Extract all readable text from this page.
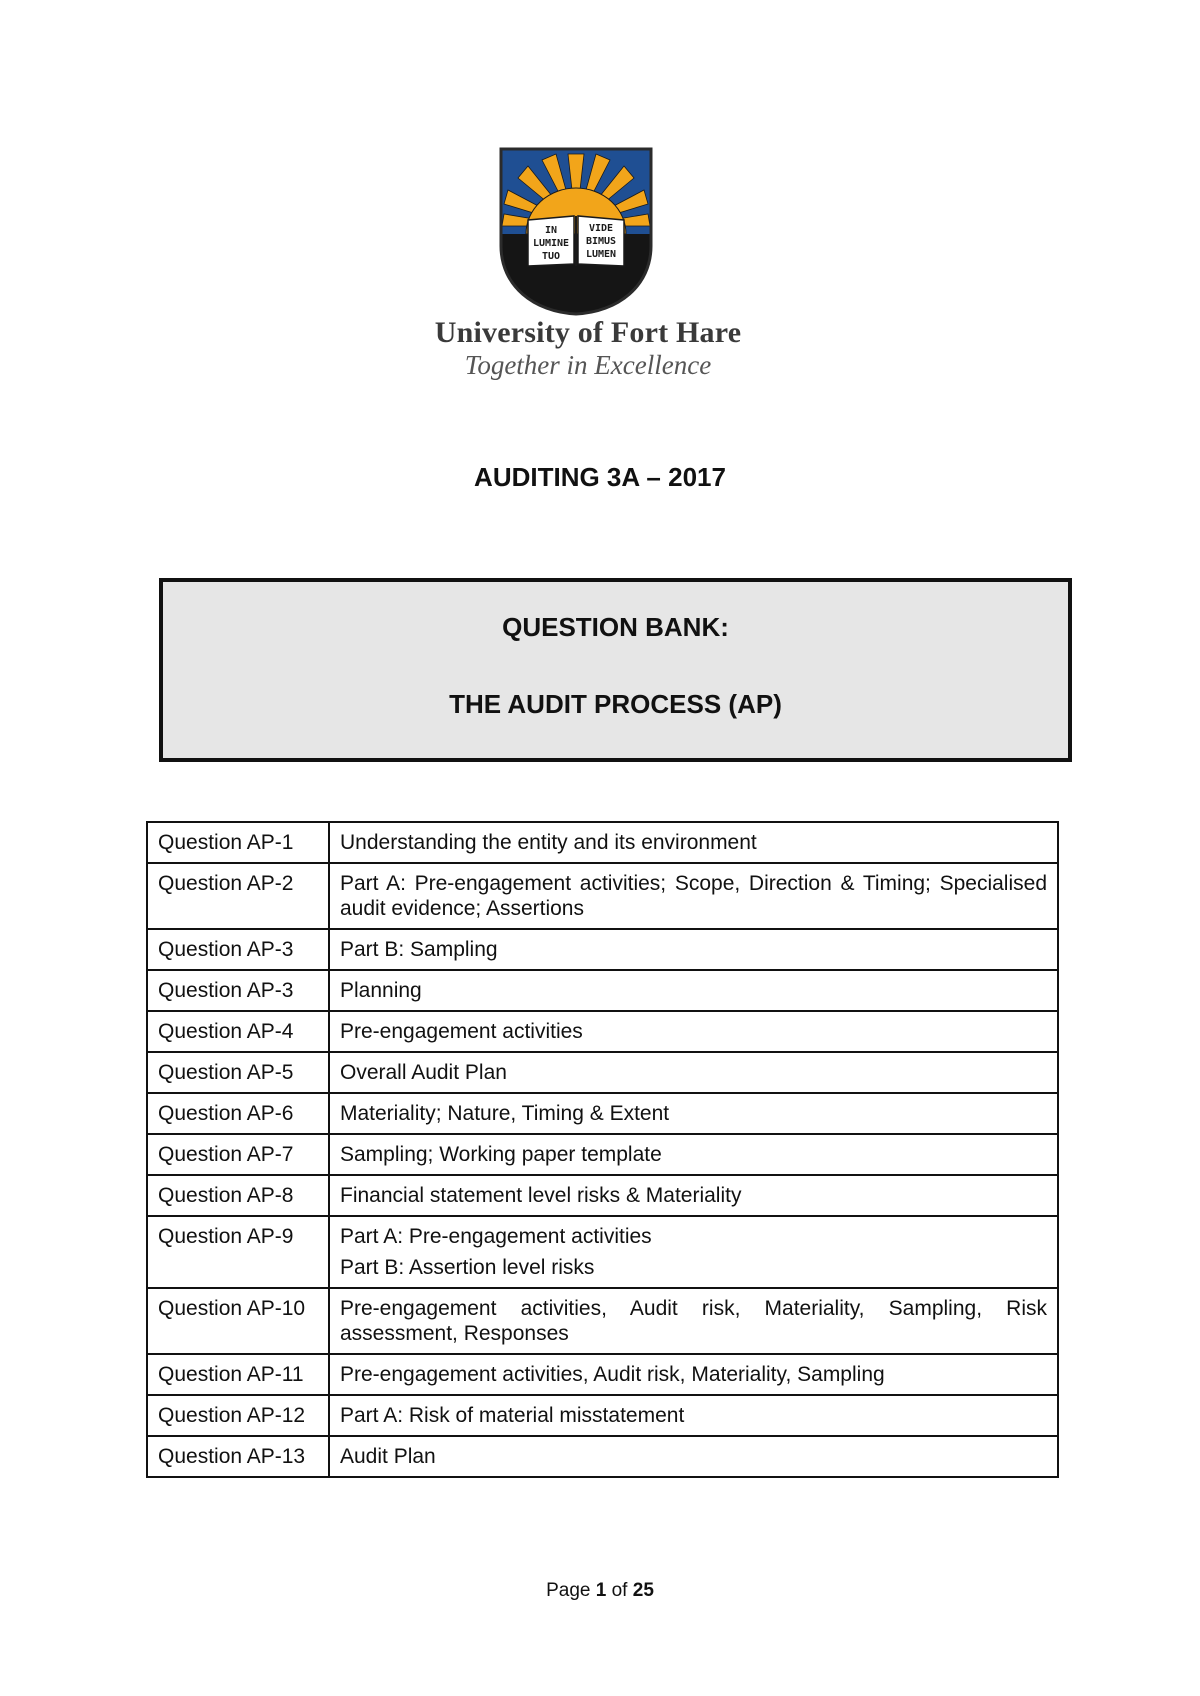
IN
LUMINE
TUO
VIDE
BIMUS
LUMEN
University of Fort Hare
Together in Excellence
AUDITING 3A – 2017
QUESTION BANK:
THE AUDIT PROCESS (AP)
Question AP-1	Understanding the entity and its environment
Question AP-2	Part A: Pre-engagement activities; Scope, Direction & Timing; Specialised audit evidence; Assertions
Question AP-3	Part B: Sampling
Question AP-3	Planning
Question AP-4	Pre-engagement activities
Question AP-5	Overall Audit Plan
Question AP-6	Materiality; Nature, Timing & Extent
Question AP-7	Sampling; Working paper template
Question AP-8	Financial statement level risks & Materiality
Question AP-9	Part A: Pre-engagement activities
Part B: Assertion level risks

Question AP-10	Pre-engagement activities, Audit risk, Materiality, Sampling, Risk assessment, Responses
Question AP-11	Pre-engagement activities, Audit risk, Materiality, Sampling
Question AP-12	Part A: Risk of material misstatement
Question AP-13	Audit Plan
Page 1 of 25
